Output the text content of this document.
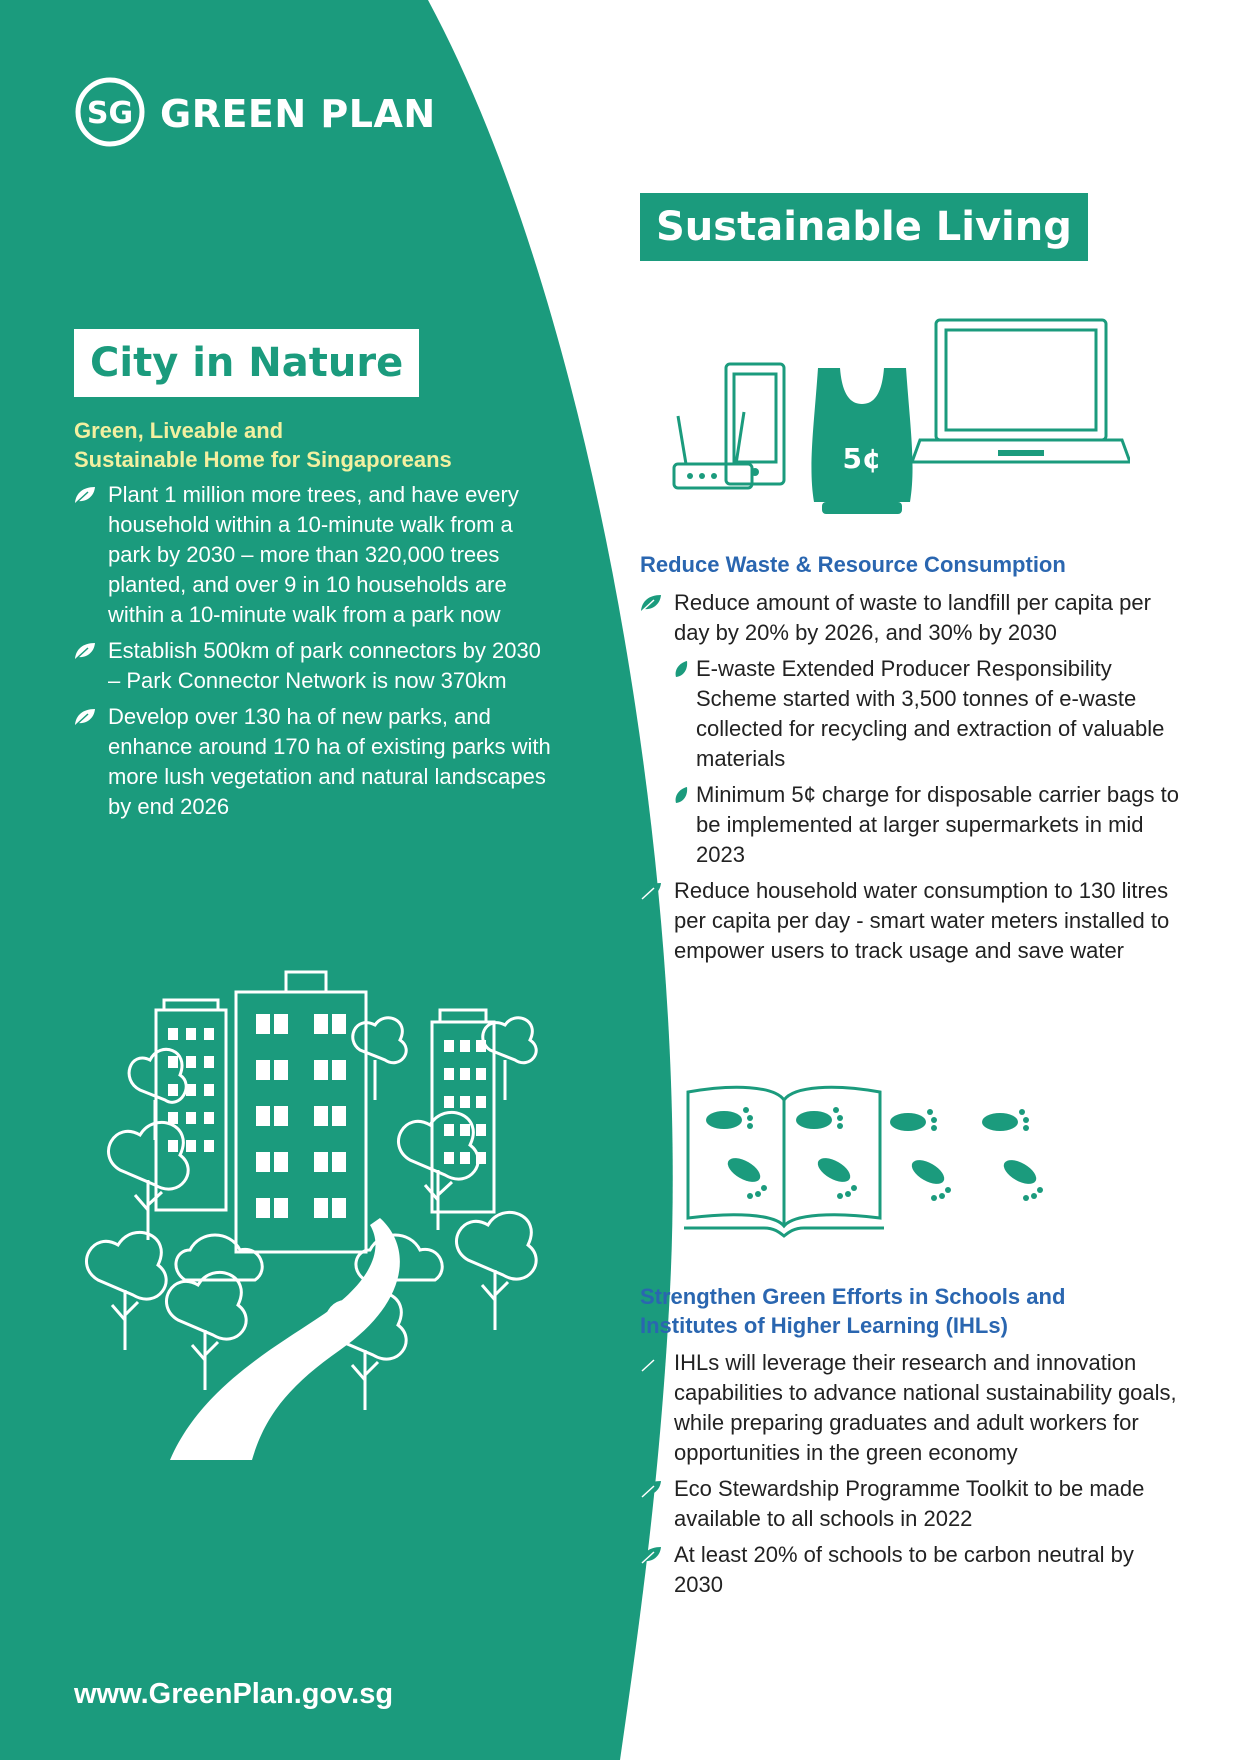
SG GREEN PLAN
City in Nature
Green, Liveable and
Sustainable Home for Singaporeans
Plant 1 million more trees, and have every household within a 10-minute walk from a park by 2030 – more than 320,000 trees planted, and over 9 in 10 households are within a 10-minute walk from a park now
Establish 500km of park connectors by 2030 – Park Connector Network is now 370km
Develop over 130 ha of new parks, and enhance around 170 ha of existing parks with more lush vegetation and natural landscapes by end 2026
www.GreenPlan.gov.sg
Sustainable Living
5¢
Reduce Waste & Resource Consumption
Reduce amount of waste to landfill per capita per day by 20% by 2026, and 30% by 2030
E-waste Extended Producer Responsibility Scheme started with 3,500 tonnes of e-waste collected for recycling and extraction of valuable materials
Minimum 5¢ charge for disposable carrier bags to be implemented at larger supermarkets in mid 2023
Reduce household water consumption to 130 litres per capita per day - smart water meters installed to empower users to track usage and save water
Strengthen Green Efforts in Schools and
Institutes of Higher Learning (IHLs)
IHLs will leverage their research and innovation capabilities to advance national sustainability goals, while preparing graduates and adult workers for opportunities in the green economy
Eco Stewardship Programme Toolkit to be made available to all schools in 2022
At least 20% of schools to be carbon neutral by 2030
